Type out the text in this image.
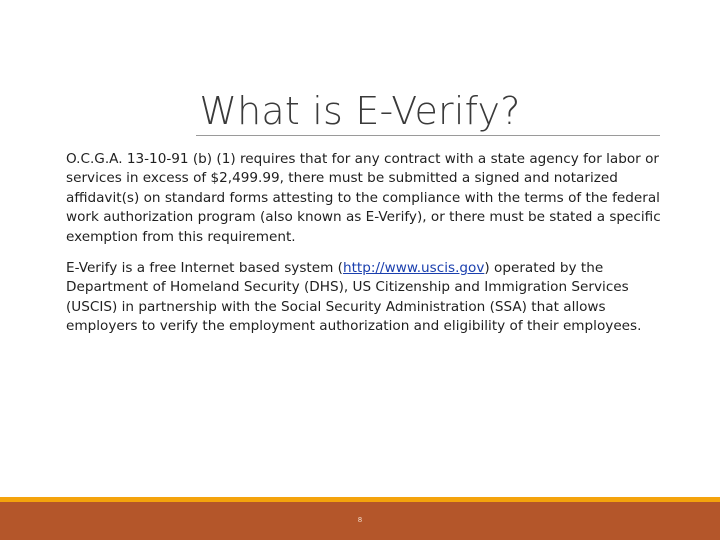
What is E-Verify?

O.C.G.A. 13-10-91 (b) (1) requires that for any contract with a state agency for labor or services in excess of $2,499.99, there must be submitted a signed and notarized affidavit(s) on standard forms attesting to the compliance with the terms of the federal work authorization program (also known as E-Verify), or there must be stated a specific exemption from this requirement.

E-Verify is a free Internet based system (http://www.uscis.gov) operated by the Department of Homeland Security (DHS), US Citizenship and Immigration Services (USCIS) in partnership with the Social Security Administration (SSA) that allows employers to verify the employment authorization and eligibility of their employees.

8
